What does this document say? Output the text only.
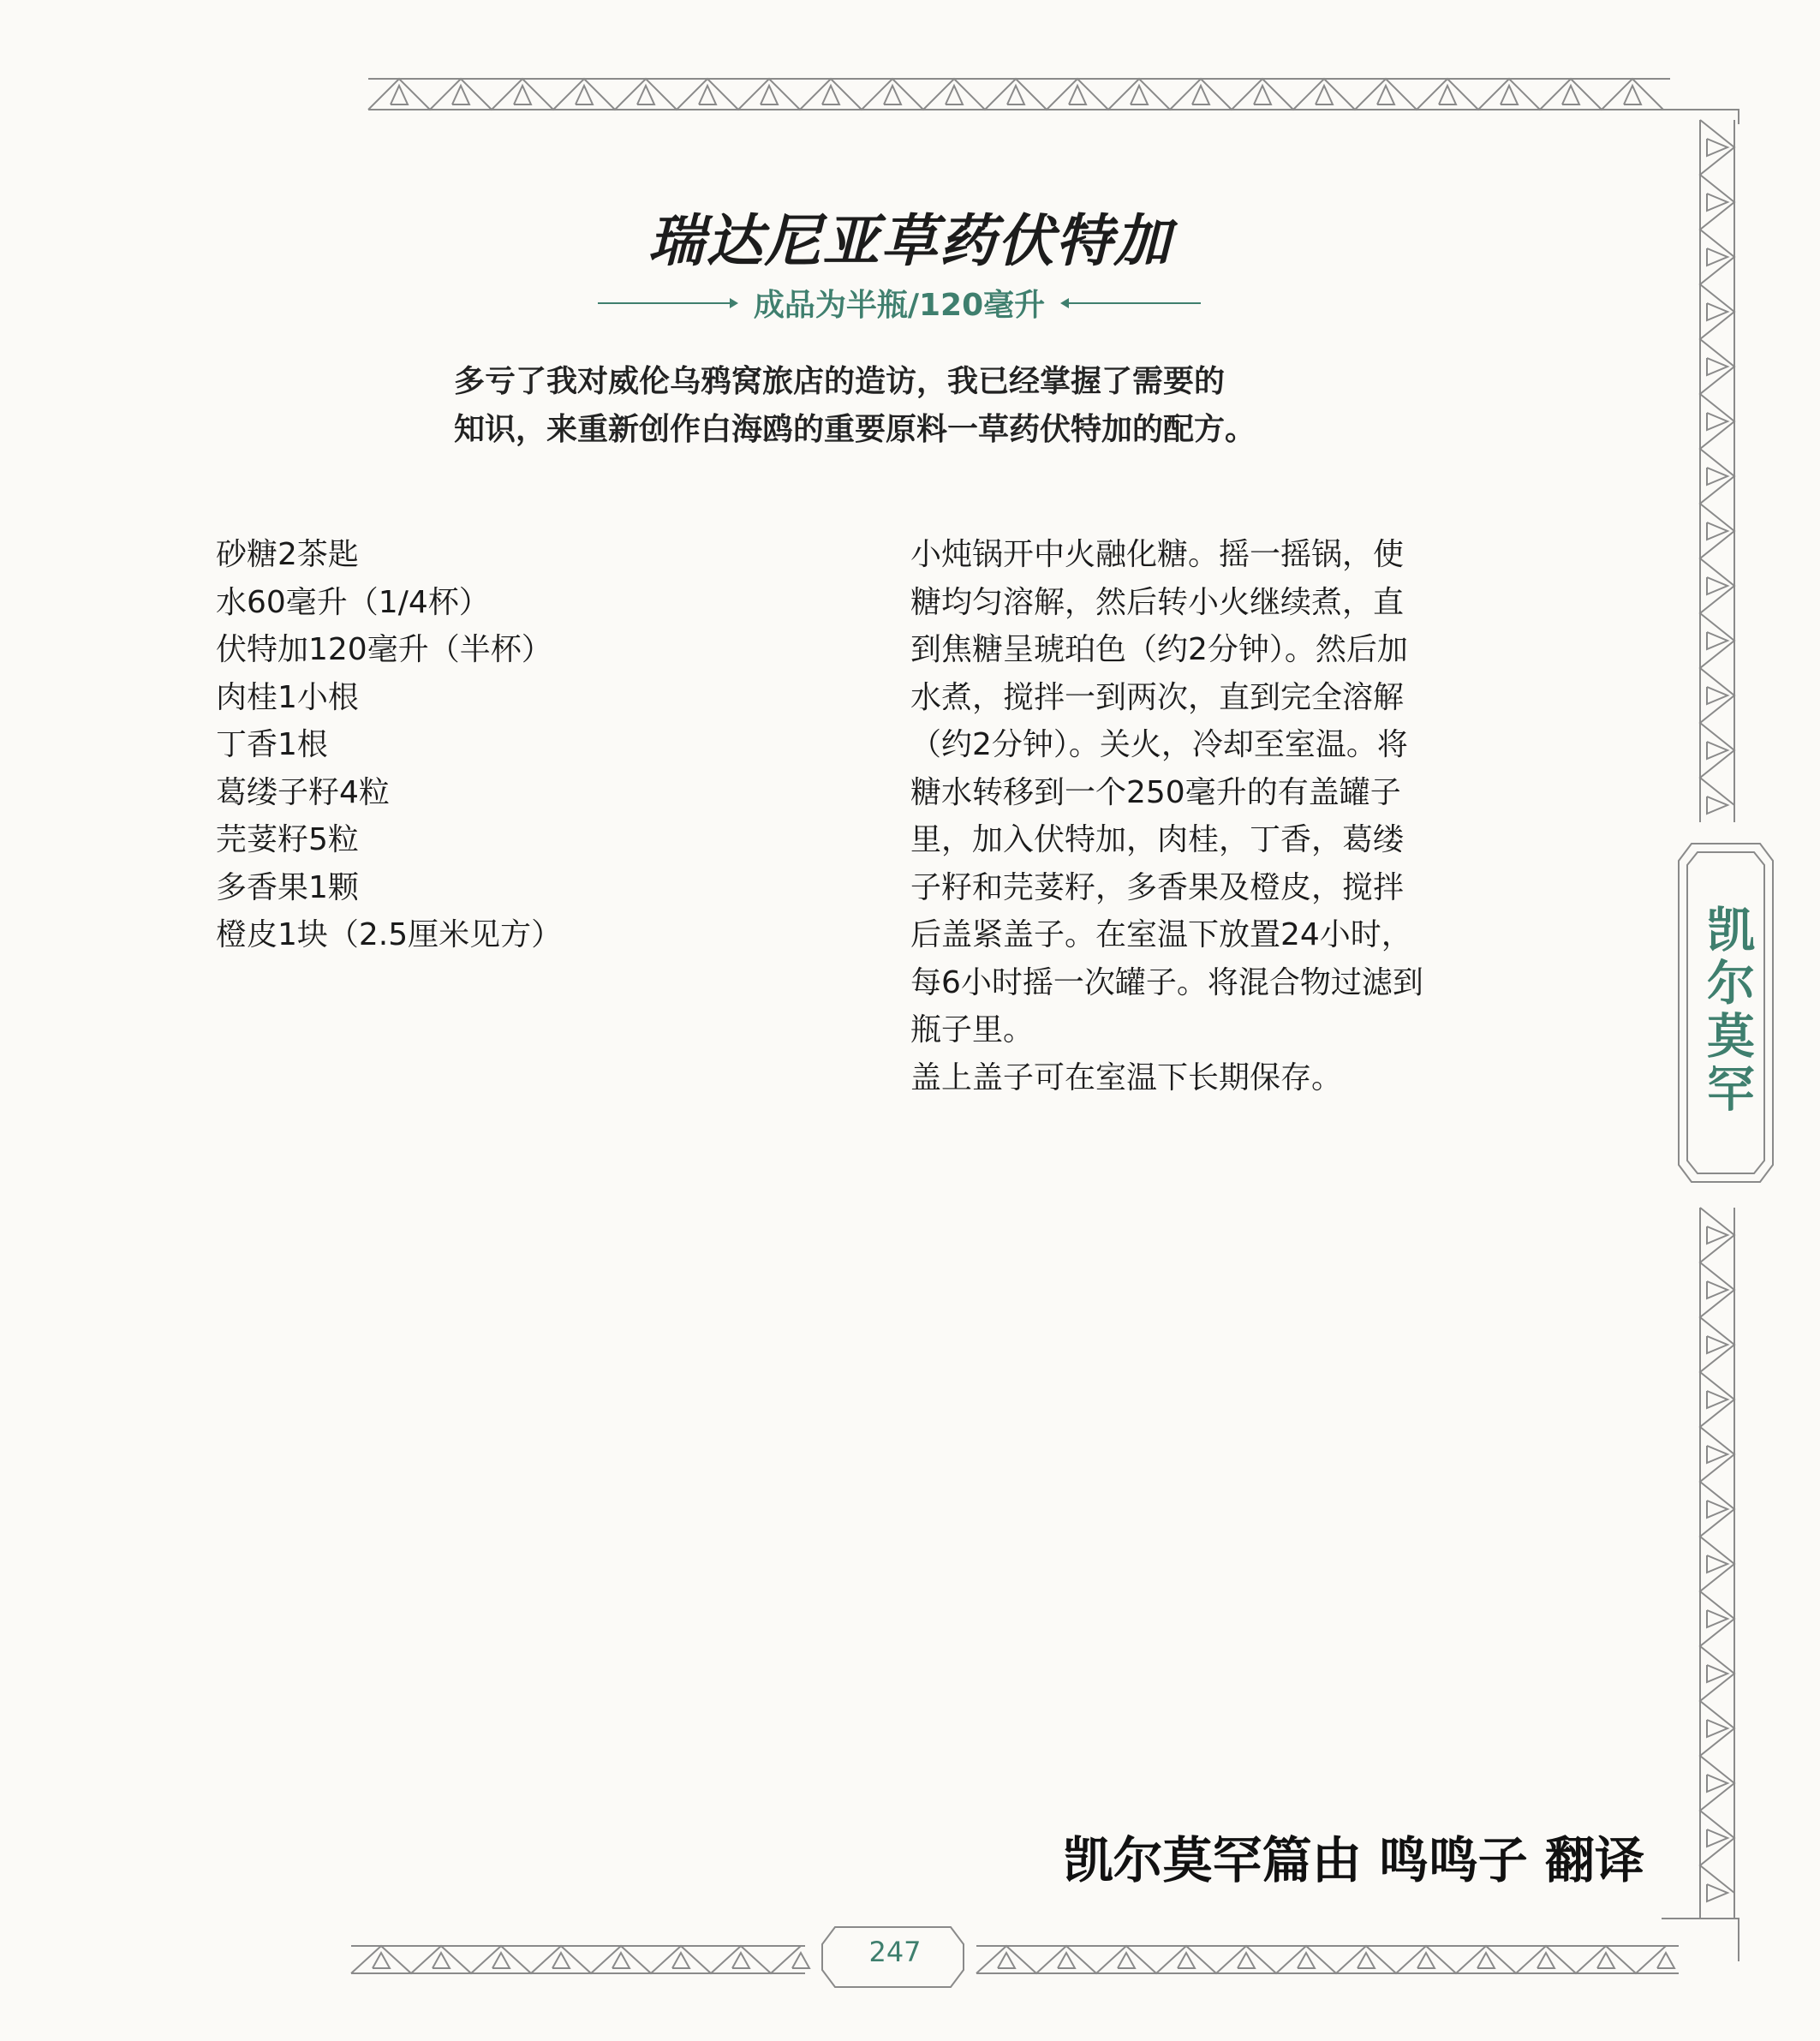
瑞达尼亚草药伏特加
成品为半瓶/120毫升
多亏了我对威伦乌鸦窝旅店的造访，我已经掌握了需要的
知识，来重新创作白海鸥的重要原料一草药伏特加的配方。
砂糖2茶匙
水60毫升（1/4杯）
伏特加120毫升（半杯）
肉桂1小根
丁香1根
葛缕子籽4粒
芫荽籽5粒
多香果1颗
橙皮1块（2.5厘米见方）
小炖锅开中火融化糖。摇一摇锅，使
糖均匀溶解，然后转小火继续煮，直
到焦糖呈琥珀色（约2分钟）。然后加
水煮，搅拌一到两次，直到完全溶解
（约2分钟）。关火，冷却至室温。将
糖水转移到一个250毫升的有盖罐子
里，加入伏特加，肉桂，丁香，葛缕
子籽和芫荽籽，多香果及橙皮，搅拌
后盖紧盖子。在室温下放置24小时，
每6小时摇一次罐子。将混合物过滤到
瓶子里。
盖上盖子可在室温下长期保存。	凯尔莫罕
凯尔莫罕篇由 鸣鸣子 翻译
247
